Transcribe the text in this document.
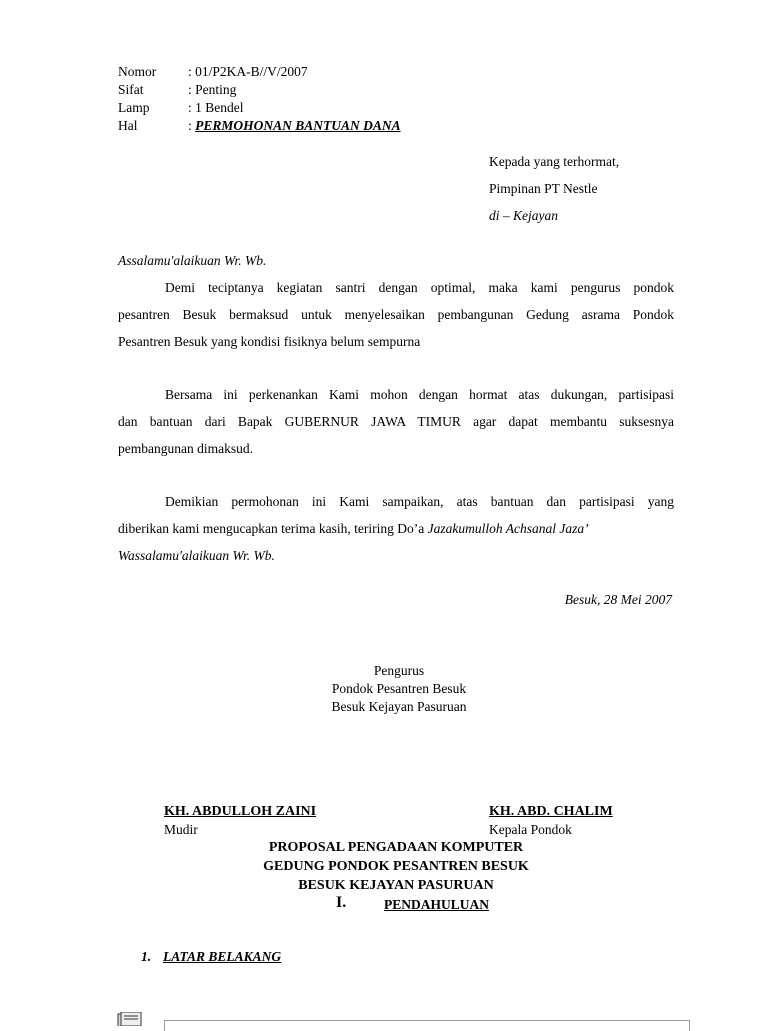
Nomor : 01/P2KA-B//V/2007
Sifat	: Penting
Lamp	: 1 Bendel
Hal	: PERMOHONAN BANTUAN DANA
Kepada yang terhormat,
Pimpinan PT Nestle
di – Kejayan
Assalamu'alaikuan Wr. Wb.
Demi teciptanya kegiatan santri dengan optimal, maka kami pengurus pondok
pesantren Besuk bermaksud untuk menyelesaikan pembangunan Gedung asrama Pondok
Pesantren Besuk yang kondisi fisiknya belum sempurna
Bersama ini perkenankan Kami mohon dengan hormat atas dukungan, partisipasi
dan bantuan dari Bapak GUBERNUR JAWA TIMUR agar dapat membantu suksesnya
pembangunan dimaksud.
Demikian permohonan ini Kami sampaikan, atas bantuan dan partisipasi yang
diberikan kami mengucapkan terima kasih, teriring Do’a Jazakumulloh Achsanal Jaza’
Wassalamu'alaikuan Wr. Wb.
Besuk, 28 Mei 2007
Pengurus
Pondok Pesantren Besuk
Besuk Kejayan Pasuruan
KH. ABDULLOH ZAINI
Mudir
KH. ABD. CHALIM
Kepala Pondok
PROPOSAL PENGADAAN KOMPUTER
GEDUNG PONDOK PESANTREN BESUK
BESUK KEJAYAN PASURUAN
I.	PENDAHULUAN
1. LATAR BELAKANG
